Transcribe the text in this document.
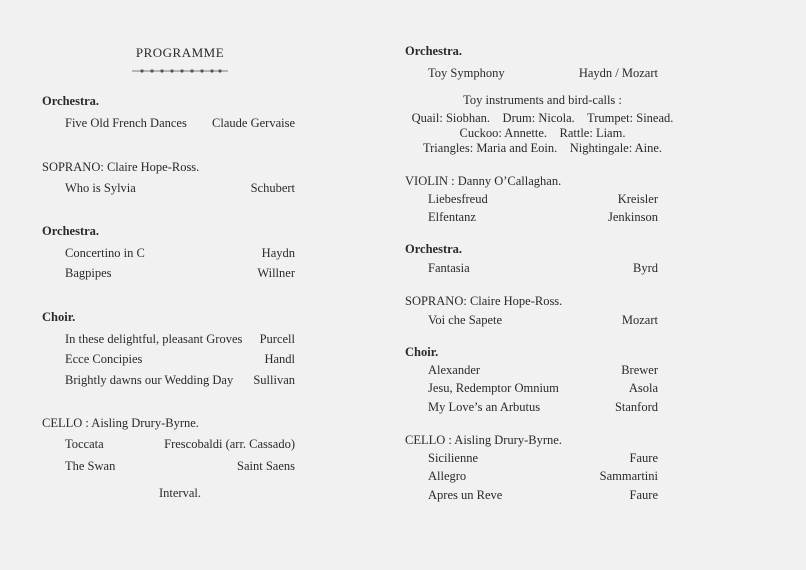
PROGRAMME
Orchestra.
Five Old French Dances	Claude Gervaise
SOPRANO: Claire Hope-Ross.
Who is Sylvia	Schubert
Orchestra.
Concertino in C	Haydn
Bagpipes	Willner
Choir.
In these delightful, pleasant Groves	Purcell
Ecce Concipies	Handl
Brightly dawns our Wedding Day	Sullivan
CELLO : Aisling Drury-Byrne.
Toccata	Frescobaldi (arr. Cassado)
The Swan	Saint Saens
Interval.
Orchestra.
Toy Symphony	Haydn / Mozart
Toy instruments and bird-calls :
Quail: Siobhan.    Drum: Nicola.    Trumpet: Sinead.
Cuckoo: Annette.    Rattle: Liam.
Triangles: Maria and Eoin.    Nightingale: Aine.
VIOLIN : Danny O’Callaghan.
Liebesfreud	Kreisler
Elfentanz	Jenkinson
Orchestra.
Fantasia	Byrd
SOPRANO: Claire Hope-Ross.
Voi che Sapete	Mozart
Choir.
Alexander	Brewer
Jesu, Redemptor Omnium	Asola
My Love’s an Arbutus	Stanford
CELLO : Aisling Drury-Byrne.
Sicilienne	Faure
Allegro	Sammartini
Apres un Reve	Faure
